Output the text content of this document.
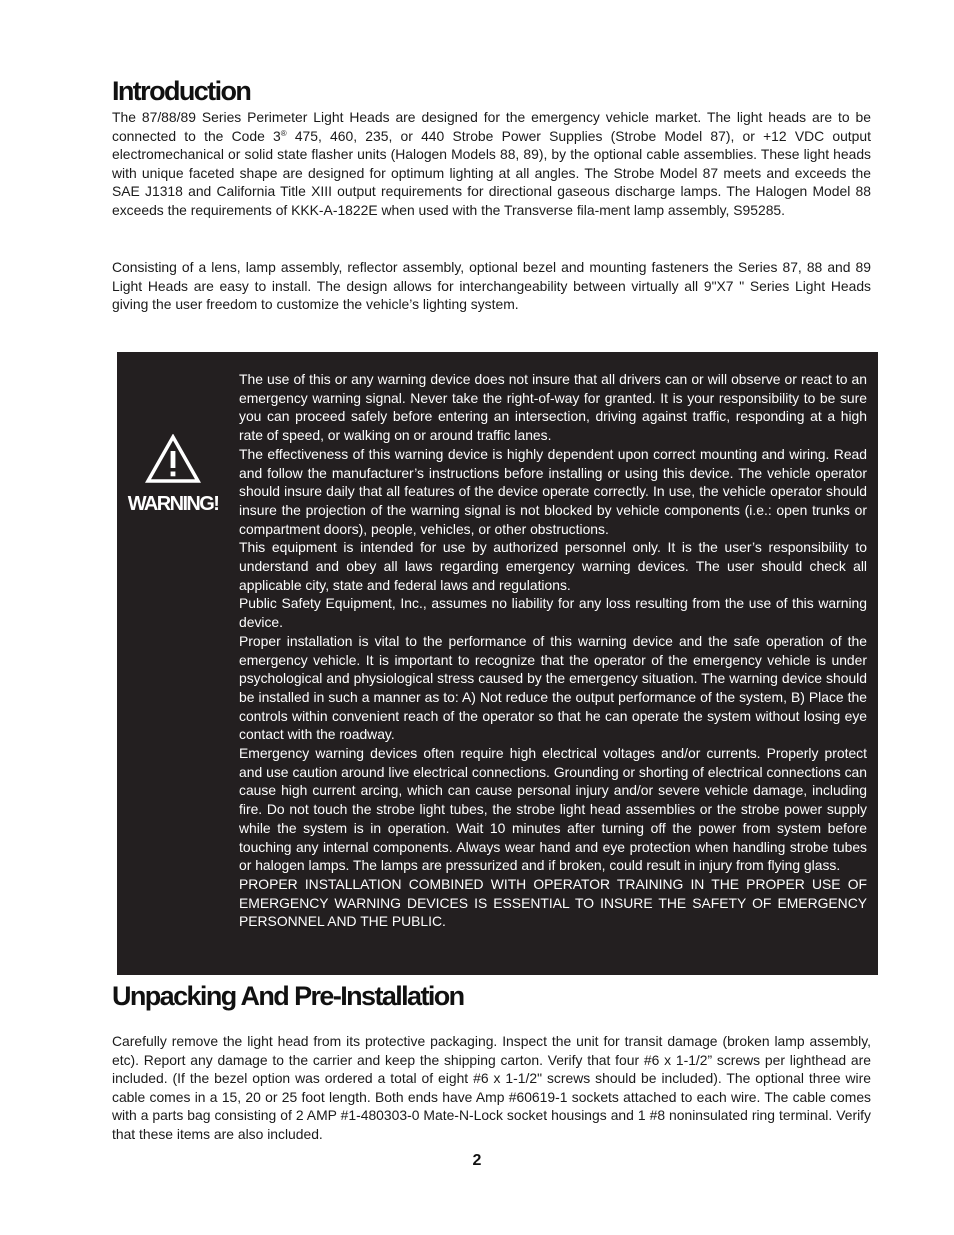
Introduction

The 87/88/89 Series Perimeter Light Heads are designed for the emergency vehicle market. The light heads are to be connected to the Code 3® 475, 460, 235, or 440 Strobe Power Supplies (Strobe Model 87), or +12 VDC output electromechanical or solid state flasher units (Halogen Models 88, 89), by the optional cable assemblies. These light heads with unique faceted shape are designed for optimum lighting at all angles. The Strobe Model 87 meets and exceeds the SAE J1318 and California Title XIII output requirements for directional gaseous discharge lamps. The Halogen Model 88 exceeds the requirements of KKK-A-1822E when used with the Transverse fila-ment lamp assembly, S95285.

Consisting of a lens, lamp assembly, reflector assembly, optional bezel and mounting fasteners the Series 87, 88 and 89 Light Heads are easy to install. The design allows for interchangeability between virtually all 9"X7 " Series Light Heads giving the user freedom to customize the vehicle’s lighting system.

Unpacking And Pre-Installation

Carefully remove the light head from its protective packaging. Inspect the unit for transit damage (broken lamp assembly, etc). Report any damage to the carrier and keep the shipping carton. Verify that four #6 x 1-1/2” screws per lighthead are included. (If the bezel option was ordered a total of eight #6 x 1-1/2" screws should be included). The optional three wire cable comes in a 15, 20 or 25 foot length. Both ends have Amp #60619-1 sockets attached to each wire. The cable comes with a parts bag consisting of 2 AMP #1-480303-0 Mate-N-Lock socket housings and 1 #8 noninsulated ring terminal. Verify that these items are also included.

WARNING!

The use of this or any warning device does not insure that all drivers can or will observe or react to an emergency warning signal. Never take the right-of-way for granted. It is your responsibility to be sure you can proceed safely before entering an intersection, driving against traffic, responding at a high rate of speed, or walking on or around traffic lanes.

The effectiveness of this warning device is highly dependent upon correct mounting and wiring. Read and follow the manufacturer’s instructions before installing or using this device. The vehicle operator should insure daily that all features of the device operate correctly. In use, the vehicle operator should insure the projection of the warning signal is not blocked by vehicle components (i.e.: open trunks or compartment doors), people, vehicles, or other obstructions.

This equipment is intended for use by authorized personnel only. It is the user’s responsibility to understand and obey all laws regarding emergency warning devices. The user should check all applicable city, state and federal laws and regulations.

Public Safety Equipment, Inc., assumes no liability for any loss resulting from the use of this warning device.

Proper installation is vital to the performance of this warning device and the safe operation of the emergency vehicle. It is important to recognize that the operator of the emergency vehicle is under psychological and physiological stress caused by the emergency situation. The warning device should be installed in such a manner as to: A) Not reduce the output performance of the system, B) Place the controls within convenient reach of the operator so that he can operate the system without losing eye contact with the roadway.

Emergency warning devices often require high electrical voltages and/or currents. Properly protect and use caution around live electrical connections. Grounding or shorting of electrical connections can cause high current arcing, which can cause personal injury and/or severe vehicle damage, including fire. Do not touch the strobe light tubes, the strobe light head assemblies or the strobe power supply while the system is in operation. Wait 10 minutes after turning off the power from system before touching any internal components. Always wear hand and eye protection when handling strobe tubes or halogen lamps. The lamps are pressurized and if broken, could result in injury from flying glass.

PROPER INSTALLATION COMBINED WITH OPERATOR TRAINING IN THE PROPER USE OF EMERGENCY WARNING DEVICES IS ESSENTIAL TO INSURE THE SAFETY OF EMERGENCY PERSONNEL AND THE PUBLIC.

2
